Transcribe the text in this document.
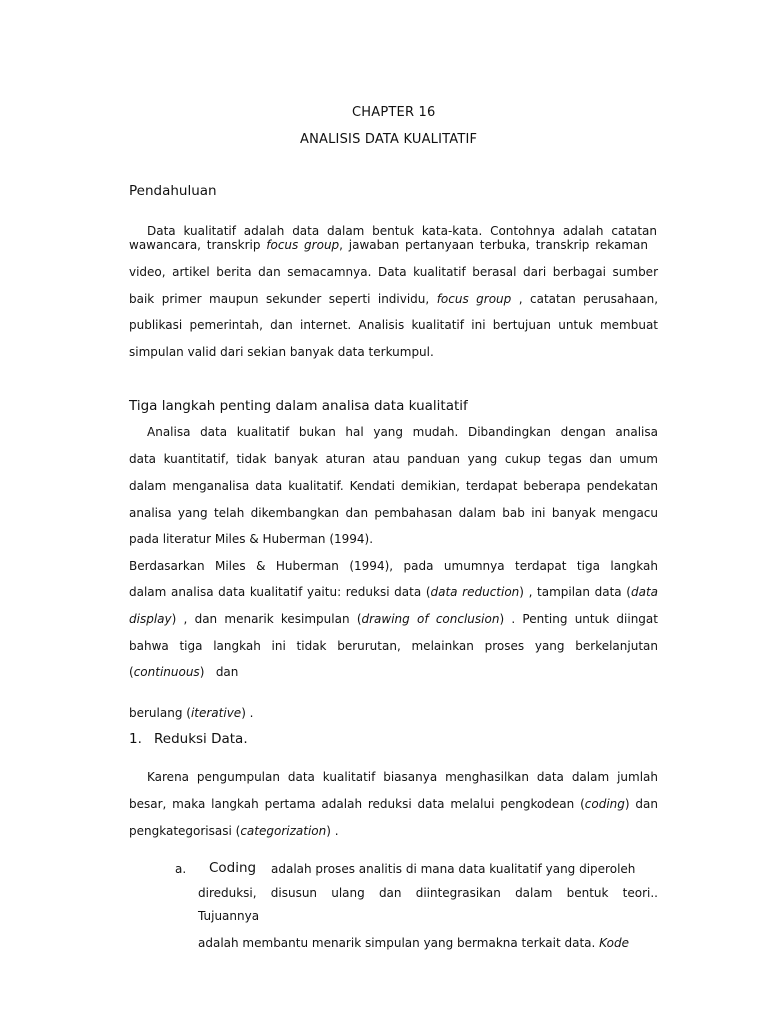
CHAPTER 16
ANALISIS DATA KUALITATIF
Pendahuluan
Data kualitatif adalah data dalam bentuk kata-kata. Contohnya adalah catatan
wawancara, transkrip focus group, jawaban pertanyaan terbuka, transkrip rekaman
video, artikel berita dan semacamnya. Data kualitatif berasal dari berbagai sumber
baik primer maupun sekunder seperti individu, focus group , catatan perusahaan,
publikasi pemerintah, dan internet. Analisis kualitatif ini bertujuan untuk membuat
simpulan valid dari sekian banyak data terkumpul.
Tiga langkah penting dalam analisa data kualitatif
Analisa data kualitatif bukan hal yang mudah. Dibandingkan dengan analisa
data kuantitatif, tidak banyak aturan atau panduan yang cukup tegas dan umum
dalam menganalisa data kualitatif. Kendati demikian, terdapat beberapa pendekatan
analisa yang telah dikembangkan dan pembahasan dalam bab ini banyak mengacu
pada literatur Miles & Huberman (1994).
Berdasarkan Miles & Huberman (1994), pada umumnya terdapat tiga langkah
dalam analisa data kualitatif yaitu: reduksi data (data reduction) , tampilan data (data
display) , dan menarik kesimpulan (drawing of conclusion) . Penting untuk diingat
bahwa tiga langkah ini tidak berurutan, melainkan proses yang berkelanjutan
(continuous)   dan
berulang (iterative) .
1. Reduksi Data.
Karena pengumpulan data kualitatif biasanya menghasilkan data dalam jumlah
besar, maka langkah pertama adalah reduksi data melalui pengkodean (coding) dan
pengkategorisasi (categorization) .
a. Coding adalah proses analitis di mana data kualitatif yang diperoleh
direduksi, disusun ulang dan diintegrasikan dalam bentuk teori..
Tujuannya
adalah membantu menarik simpulan yang bermakna terkait data. Kode
